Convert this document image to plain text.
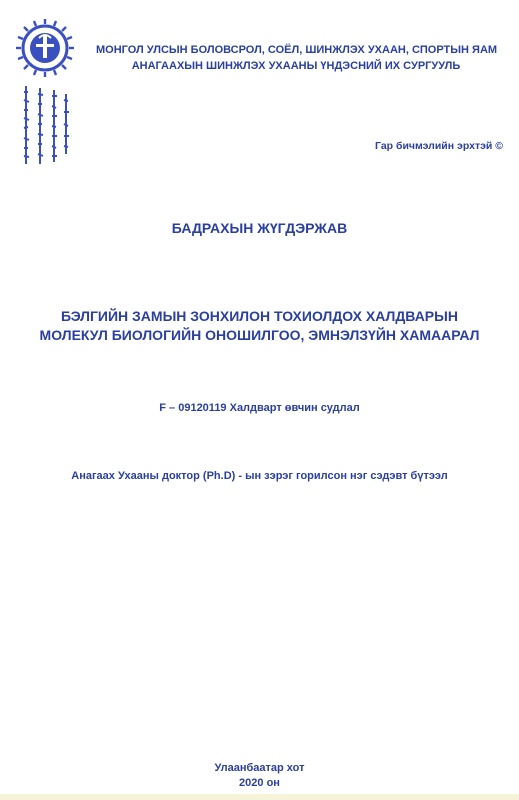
МОНГОЛ УЛСЫН БОЛОВСРОЛ, СОЁЛ, ШИНЖЛЭХ УХААН, СПОРТЫН ЯАМ
АНАГААХЫН ШИНЖЛЭХ УХААНЫ ҮНДЭСНИЙ ИХ СУРГУУЛЬ
Гар бичмэлийн эрхтэй ©
БАДРАХЫН ЖҮГДЭРЖАВ
БЭЛГИЙН ЗАМЫН ЗОНХИЛОН ТОХИОЛДОХ ХАЛДВАРЫН
МОЛЕКУЛ БИОЛОГИЙН ОНОШИЛГОО, ЭМНЭЛЗҮЙН ХАМААРАЛ
F – 09120119 Халдварт өвчин судлал
Анагаах Ухааны доктор (Ph.D) - ын зэрэг горилсон нэг сэдэвт бүтээл
Улаанбаатар хот
2020 он
